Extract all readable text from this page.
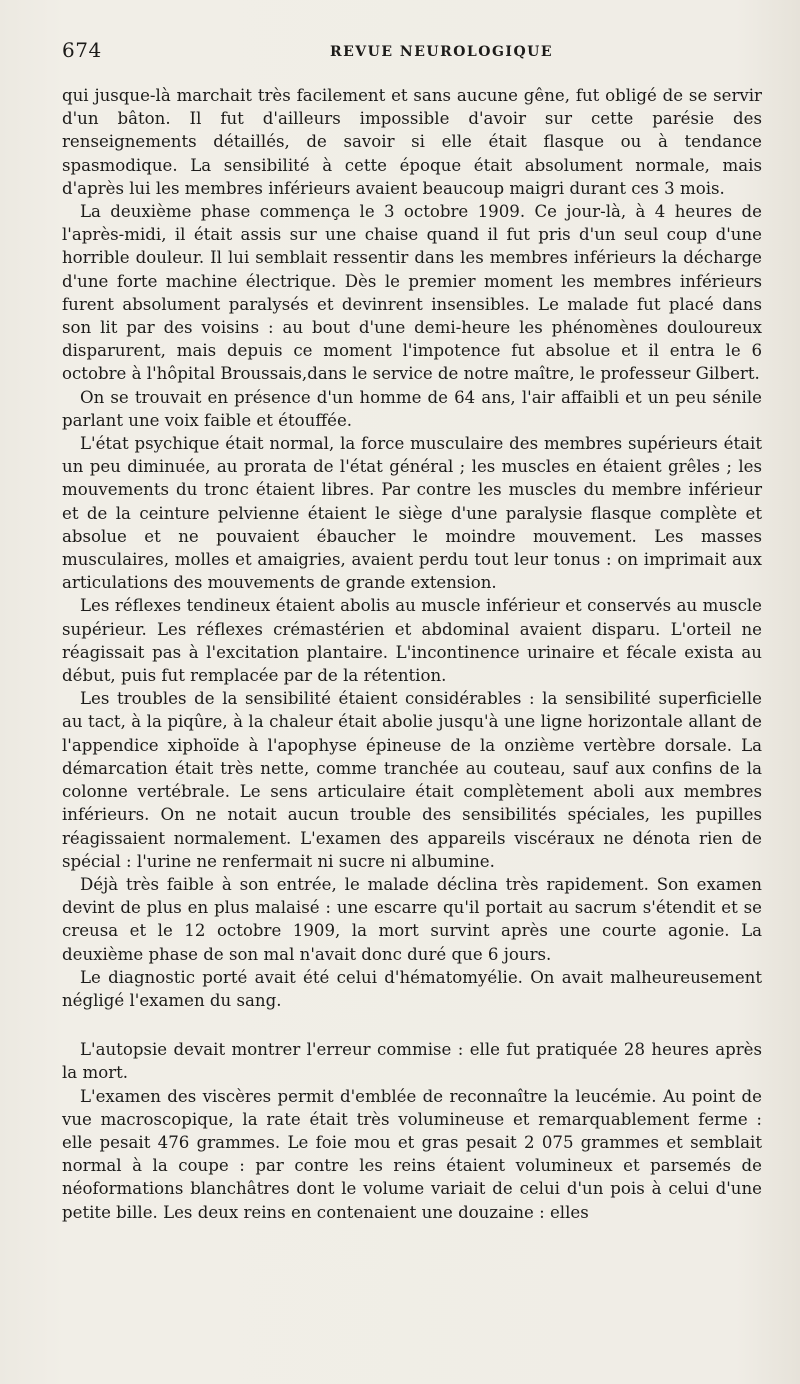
674	REVUE NEUROLOGIQUE

qui jusque-là marchait très facilement et sans aucune gêne, fut obligé de se servir d'un bâton. Il fut d'ailleurs impossible d'avoir sur cette parésie des renseignements détaillés, de savoir si elle était flasque ou à tendance spasmodique. La sensibilité à cette époque était absolument normale, mais d'après lui les membres inférieurs avaient beaucoup maigri durant ces 3 mois.

La deuxième phase commença le 3 octobre 1909. Ce jour-là, à 4 heures de l'après-midi, il était assis sur une chaise quand il fut pris d'un seul coup d'une horrible douleur. Il lui semblait ressentir dans les membres inférieurs la décharge d'une forte machine électrique. Dès le premier moment les membres inférieurs furent absolument paralysés et devinrent insensibles. Le malade fut placé dans son lit par des voisins : au bout d'une demi-heure les phénomènes douloureux disparurent, mais depuis ce moment l'impotence fut absolue et il entra le 6 octobre à l'hôpital Broussais,dans le service de notre maître, le professeur Gilbert.

On se trouvait en présence d'un homme de 64 ans, l'air affaibli et un peu sénile parlant une voix faible et étouffée.

L'état psychique était normal, la force musculaire des membres supérieurs était un peu diminuée, au prorata de l'état général ; les muscles en étaient grêles ; les mouvements du tronc étaient libres. Par contre les muscles du membre inférieur et de la ceinture pelvienne étaient le siège d'une paralysie flasque complète et absolue et ne pouvaient ébaucher le moindre mouvement. Les masses musculaires, molles et amaigries, avaient perdu tout leur tonus : on imprimait aux articulations des mouvements de grande extension.

Les réflexes tendineux étaient abolis au muscle inférieur et conservés au muscle supérieur. Les réflexes crémastérien et abdominal avaient disparu. L'orteil ne réagissait pas à l'excitation plantaire. L'incontinence urinaire et fécale exista au début, puis fut remplacée par de la rétention.

Les troubles de la sensibilité étaient considérables : la sensibilité superficielle au tact, à la piqûre, à la chaleur était abolie jusqu'à une ligne horizontale allant de l'appendice xiphoïde à l'apophyse épineuse de la onzième vertèbre dorsale. La démarcation était très nette, comme tranchée au couteau, sauf aux confins de la colonne vertébrale. Le sens articulaire était complètement aboli aux membres inférieurs. On ne notait aucun trouble des sensibilités spéciales, les pupilles réagissaient normalement. L'examen des appareils viscéraux ne dénota rien de spécial : l'urine ne renfermait ni sucre ni albumine.

Déjà très faible à son entrée, le malade déclina très rapidement. Son examen devint de plus en plus malaisé : une escarre qu'il portait au sacrum s'étendit et se creusa et le 12 octobre 1909, la mort survint après une courte agonie. La deuxième phase de son mal n'avait donc duré que 6 jours.

Le diagnostic porté avait été celui d'hématomyélie. On avait malheureusement négligé l'examen du sang.

L'autopsie devait montrer l'erreur commise : elle fut pratiquée 28 heures après la mort.

L'examen des viscères permit d'emblée de reconnaître la leucémie. Au point de vue macroscopique, la rate était très volumineuse et remarquablement ferme : elle pesait 476 grammes. Le foie mou et gras pesait 2 075 grammes et semblait normal à la coupe : par contre les reins étaient volumineux et parsemés de néoformations blanchâtres dont le volume variait de celui d'un pois à celui d'une petite bille. Les deux reins en contenaient une douzaine : elles
